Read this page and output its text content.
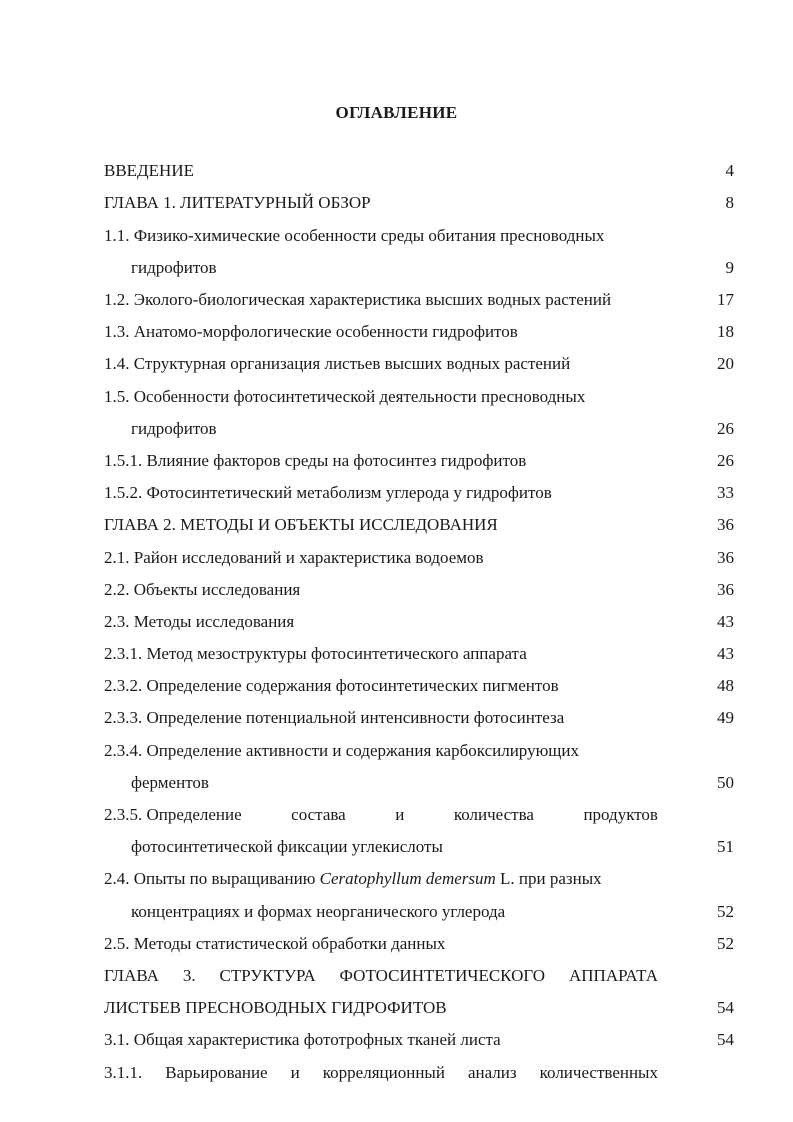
ОГЛАВЛЕНИЕ
ВВЕДЕНИЕ	4
ГЛАВА 1. ЛИТЕРАТУРНЫЙ ОБЗОР	8
1.1. Физико-химические особенности среды обитания пресноводных
гидрофитов	9
1.2. Эколого-биологическая характеристика высших водных растений	17
1.3. Анатомо-морфологические особенности гидрофитов	18
1.4. Структурная организация листьев высших водных растений	20
1.5. Особенности фотосинтетической деятельности пресноводных
гидрофитов	26
1.5.1. Влияние факторов среды на фотосинтез гидрофитов	26
1.5.2. Фотосинтетический метаболизм углерода у гидрофитов	33
ГЛАВА 2. МЕТОДЫ И ОБЪЕКТЫ ИССЛЕДОВАНИЯ	36
2.1. Район исследований и характеристика водоемов	36
2.2. Объекты исследования	36
2.3. Методы исследования	43
2.3.1. Метод мезоструктуры фотосинтетического аппарата	43
2.3.2. Определение содержания фотосинтетических пигментов	48
2.3.3. Определение потенциальной интенсивности фотосинтеза	49
2.3.4. Определение активности и содержания карбоксилирующих
ферментов	50
2.3.5. Определение	состава	и	количества	продуктов
фотосинтетической фиксации углекислоты	51
2.4. Опыты по выращиванию Ceratophyllum demersum L. при разных
концентрациях и формах неорганического углерода	52
2.5. Методы статистической обработки данных	52
ГЛАВА 3. СТРУКТУРА ФОТОСИНТЕТИЧЕСКОГО АППАРАТА
ЛИСТБЕВ ПРЕСНОВОДНЫХ ГИДРОФИТОВ	54
3.1. Общая характеристика фототрофных тканей листа	54
3.1.1. Варьирование и корреляционный анализ количественных
